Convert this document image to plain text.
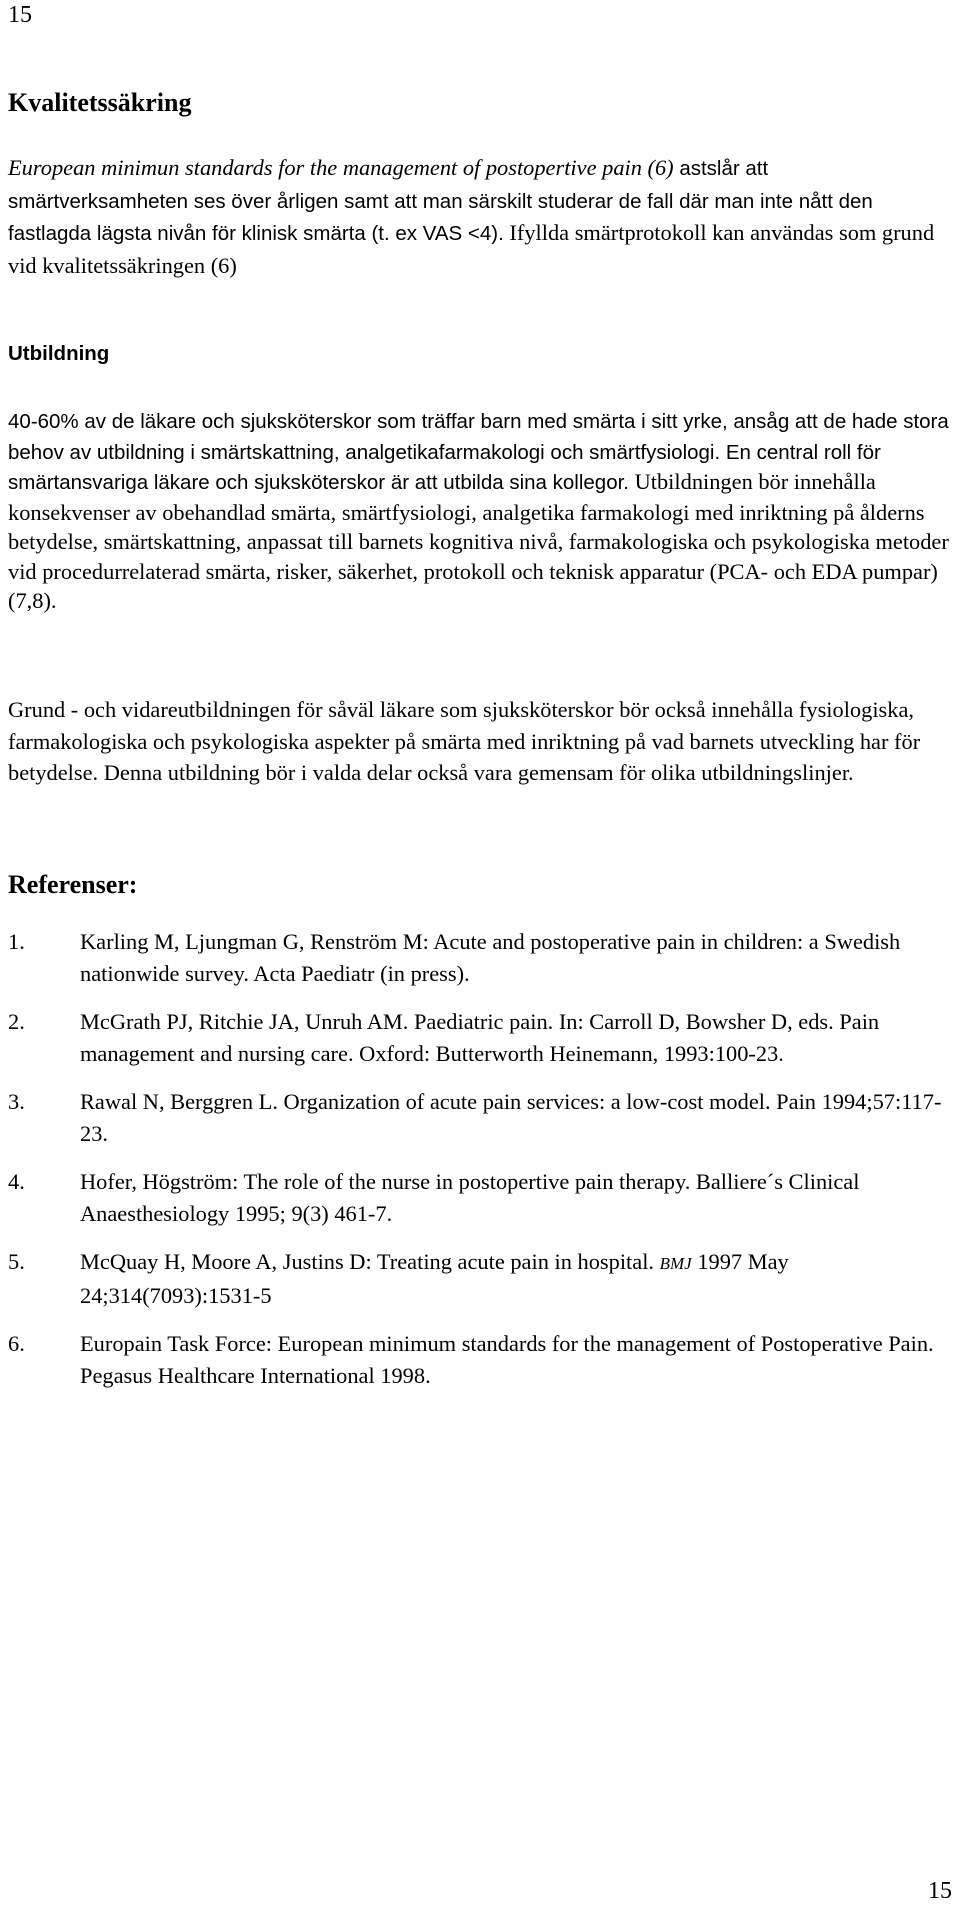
15
Kvalitetssäkring
European minimun standards for the management of postopertive pain (6) astslår att smärtverksamheten ses över årligen samt att man särskilt studerar de fall där man inte nått den fastlagda lägsta nivån för klinisk smärta (t. ex VAS <4). Ifyllda smärtprotokoll kan användas som grund vid kvalitetssäkringen (6)
Utbildning
40-60% av de läkare och sjuksköterskor som träffar barn med smärta i sitt yrke, ansåg att de hade stora behov av utbildning i smärtskattning, analgetikafarmakologi och smärtfysiologi. En central roll för smärtansvariga läkare och sjuksköterskor är att utbilda sina kollegor. Utbildningen bör innehålla konsekvenser av obehandlad smärta, smärtfysiologi, analgetika farmakologi med inriktning på ålderns betydelse, smärtskattning, anpassat till barnets kognitiva nivå, farmakologiska och psykologiska metoder vid procedurrelaterad smärta, risker, säkerhet, protokoll och teknisk apparatur (PCA- och EDA pumpar) (7,8).
Grund - och vidareutbildningen för såväl läkare som sjuksköterskor bör också innehålla fysiologiska, farmakologiska och psykologiska aspekter på smärta med inriktning på vad barnets utveckling har för betydelse. Denna utbildning bör i valda delar också vara gemensam för olika utbildningslinjer.
Referenser:
1.	Karling M, Ljungman G, Renström M: Acute and postoperative pain in children: a Swedish nationwide survey. Acta Paediatr (in press).
2.	McGrath PJ, Ritchie JA, Unruh AM. Paediatric pain. In: Carroll D, Bowsher D, eds. Pain management and nursing care. Oxford: Butterworth Heinemann, 1993:100-23.
3.	Rawal N, Berggren L. Organization of acute pain services: a low-cost model. Pain 1994;57:117-23.
4.	Hofer, Högström: The role of the nurse in postopertive pain therapy. Balliere´s Clinical Anaesthesiology 1995; 9(3) 461-7.
5.	McQuay H, Moore A, Justins D: Treating acute pain in hospital. BMJ 1997 May 24;314(7093):1531-5
6.	Europain Task Force: European minimum standards for the management of Postoperative Pain. Pegasus Healthcare International 1998.
15
